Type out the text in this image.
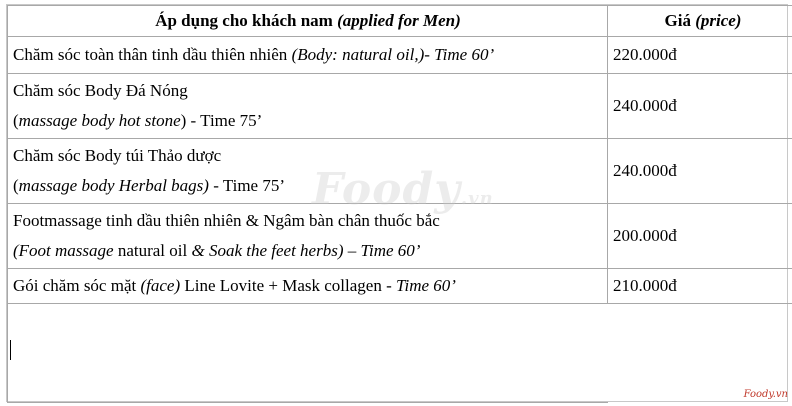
Áp dụng cho khách nam (applied for Men)	Giá (price)
Chăm sóc toàn thân tinh dầu thiên nhiên (Body: natural oil,)- Time 60’	220.000đ

Chăm sóc Body Đá Nóng
(massage body hot stone) - Time 75’	240.000đ

Chăm sóc Body túi Thảo dược
(massage body Herbal bags) - Time 75’	240.000đ

Footmassage tinh dầu thiên nhiên & Ngâm bàn chân thuốc bắc
(Foot massage natural oil & Soak the feet herbs) – Time 60’	200.000đ
Gói chăm sóc mặt (face) Line Lovite + Mask collagen - Time 60’	210.000đ

Foody.vn
Foody.vn
